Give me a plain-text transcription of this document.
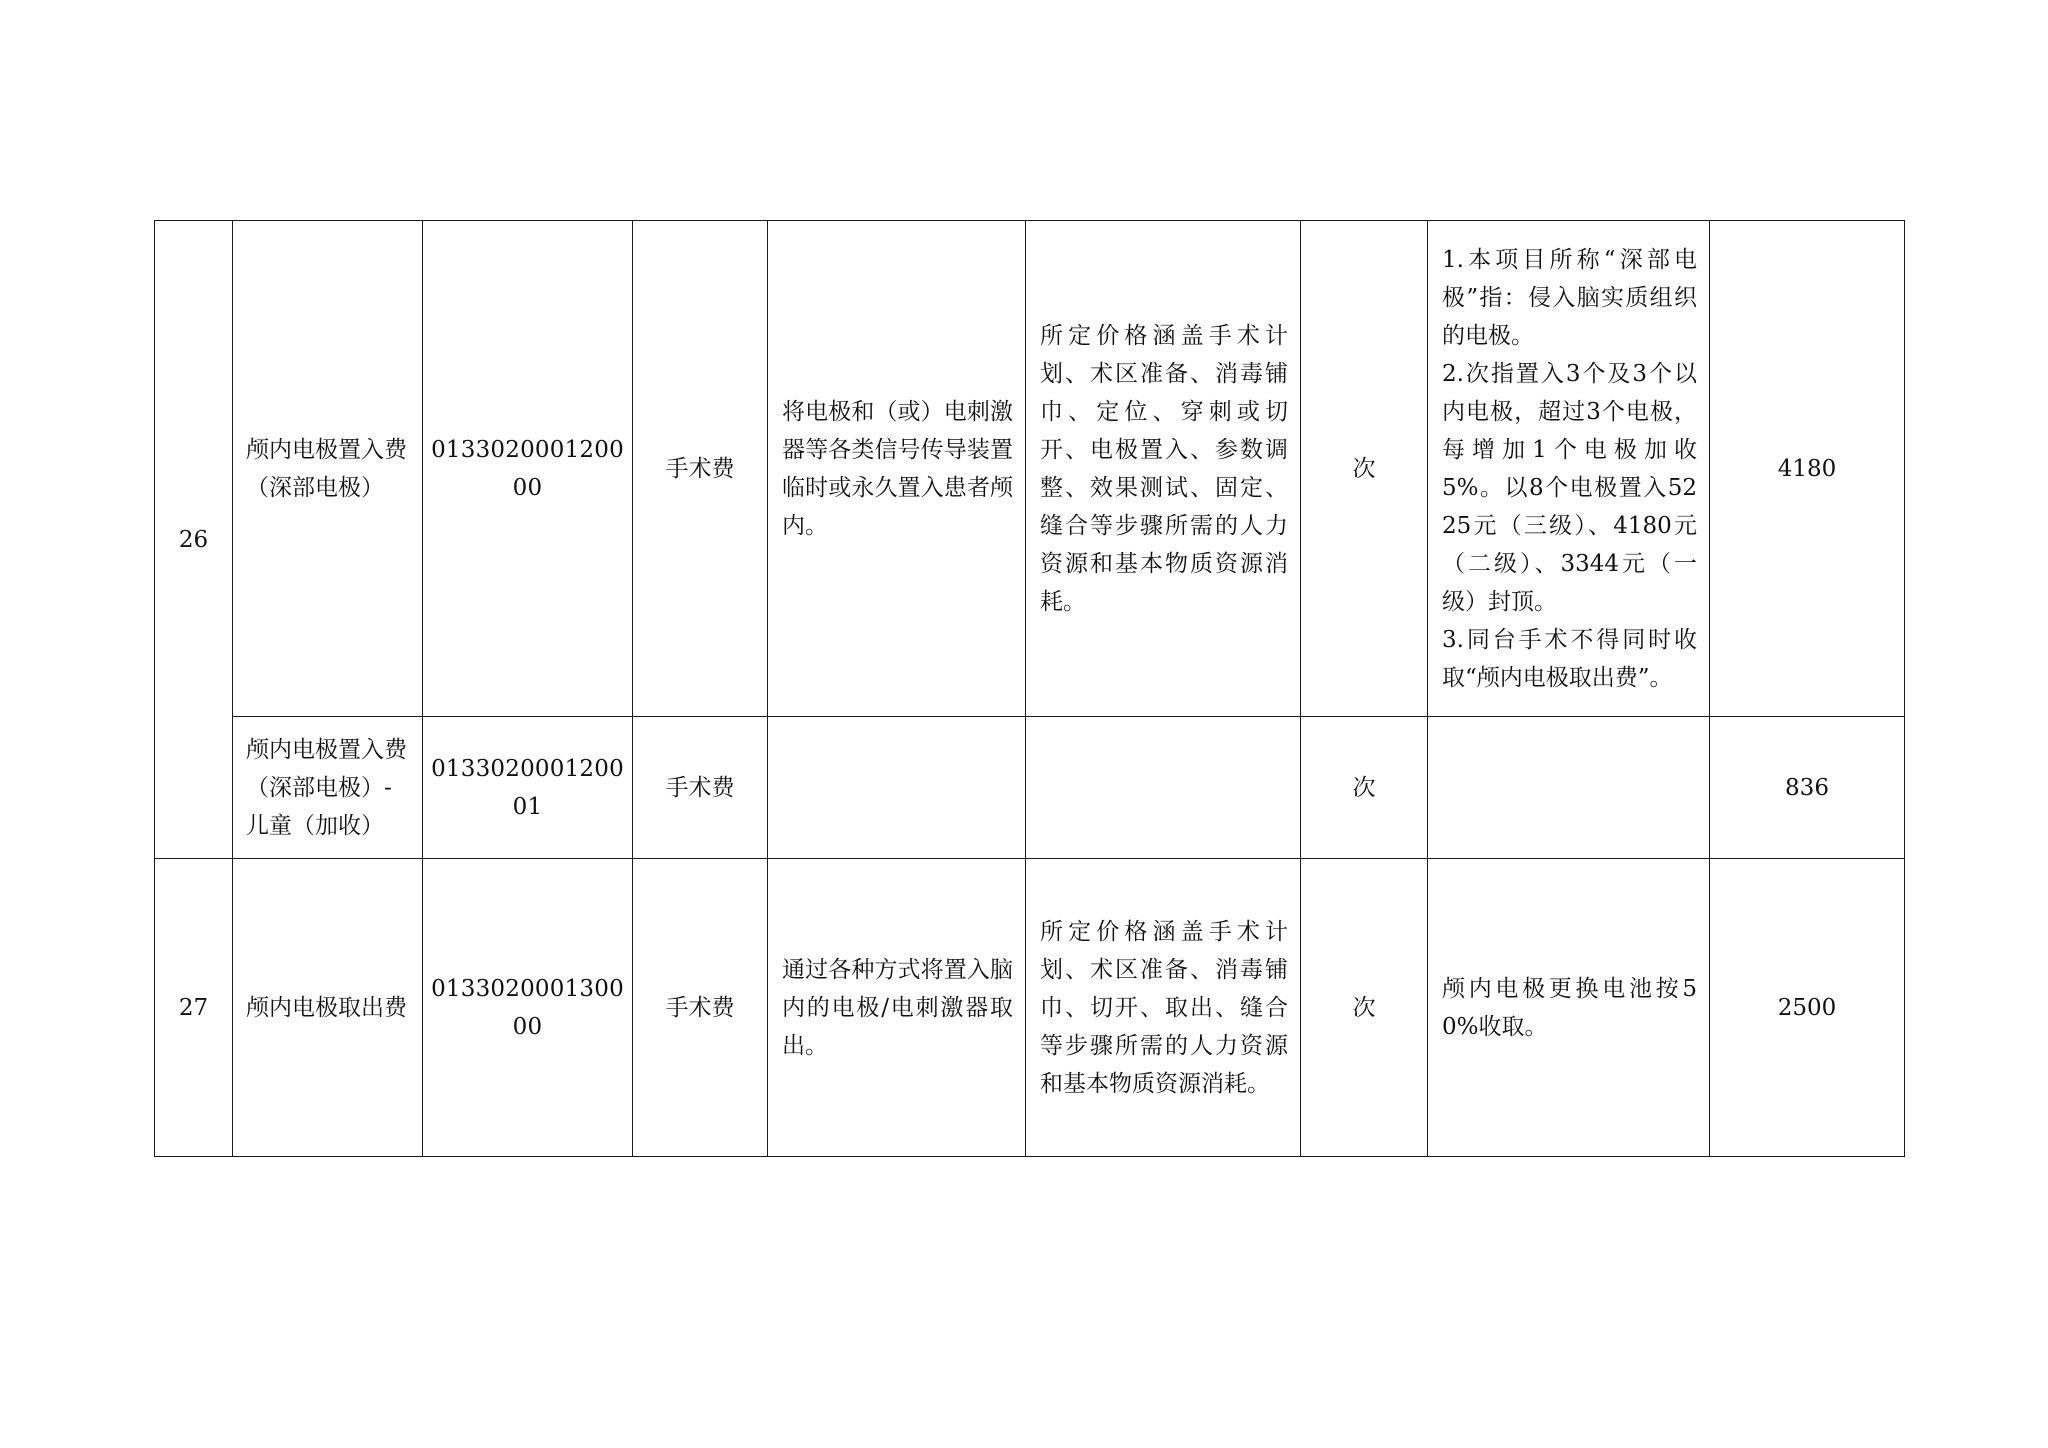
26	颅内电极置入费（深部电极）	013302000120000	手术费	将电极和（或）电刺激器等各类信号传导装置临时或永久置入患者颅内。	所定价格涵盖手术计划、术区准备、消毒铺巾、定位、穿刺或切开、电极置入、参数调整、效果测试、固定、缝合等步骤所需的人力资源和基本物质资源消耗。	次	1.本项目所称“深部电极”指：侵入脑实质组织的电极。
2.次指置入3个及3个以内电极，超过3个电极，每增加1个电极加收5%。以8个电极置入5225元（三级）、4180元（二级）、3344元（一级）封顶。
3.同台手术不得同时收取“颅内电极取出费”。	4180
	颅内电极置入费（深部电极）-儿童（加收）	013302000120001	手术费			次		836
27	颅内电极取出费	013302000130000	手术费	通过各种方式将置入脑内的电极/电刺激器取出。	所定价格涵盖手术计划、术区准备、消毒铺巾、切开、取出、缝合等步骤所需的人力资源和基本物质资源消耗。	次	颅内电极更换电池按50%收取。	2500
